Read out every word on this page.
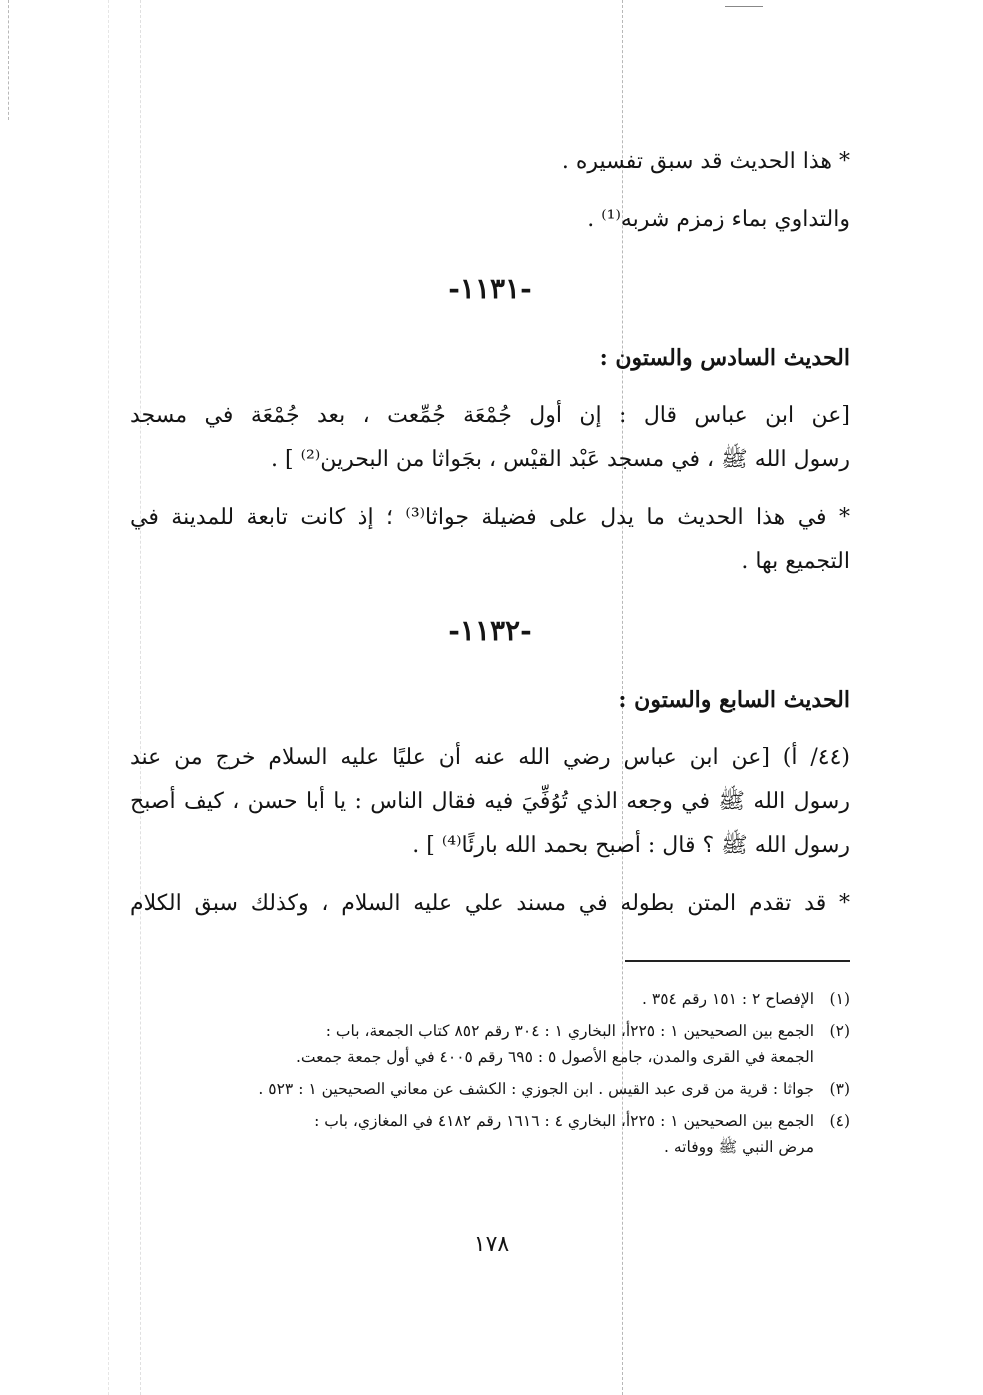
* هذا الحديث قد سبق تفسيره .

والتداوي بماء زمزم شربه⁽¹⁾ .

-١١٣١-

الحديث السادس والستون :

[عن ابن عباس قال : إن أول جُمْعَة جُمِّعت ، بعد جُمْعَة في مسجد

رسول الله ﷺ ، في مسجد عَبْد القيْس ، بجَواثا من البحرين⁽²⁾ ] .

* في هذا الحديث ما يدل على فضيلة جواثا⁽³⁾ ؛ إذ كانت تابعة للمدينة في

التجميع بها .

-١١٣٢-

الحديث السابع والستون :

(٤٤/ أ) [عن ابن عباس رضي الله عنه أن عليًا عليه السلام خرج من عند

رسول الله ﷺ في وجعه الذي تُوُفِّيَ فيه فقال الناس : يا أبا حسن ، كيف أصبح

رسول الله ﷺ ؟ قال : أصبح بحمد الله بارئًا⁽⁴⁾ ] .

* قد تقدم المتن بطوله في مسند علي عليه السلام ، وكذلك سبق الكلام

(١)الإفصاح ٢ : ١٥١ رقم ٣٥٤ .

(٢)الجمع بين الصحيحين ١ : ٢٢٥أ، البخاري ١ : ٣٠٤ رقم ٨٥٢ كتاب الجمعة، باب :

الجمعة في القرى والمدن، جامع الأصول ٥ : ٦٩٥ رقم ٤٠٠٥ في أول جمعة جمعت.

(٣)جواثا : قرية من قرى عبد القيس . ابن الجوزي : الكشف عن معاني الصحيحين ١ : ٥٢٣ .

(٤)الجمع بين الصحيحين ١ : ٢٢٥أ، البخاري ٤ : ١٦١٦ رقم ٤١٨٢ في المغازي، باب :

مرض النبي ﷺ ووفاته .

١٧٨
